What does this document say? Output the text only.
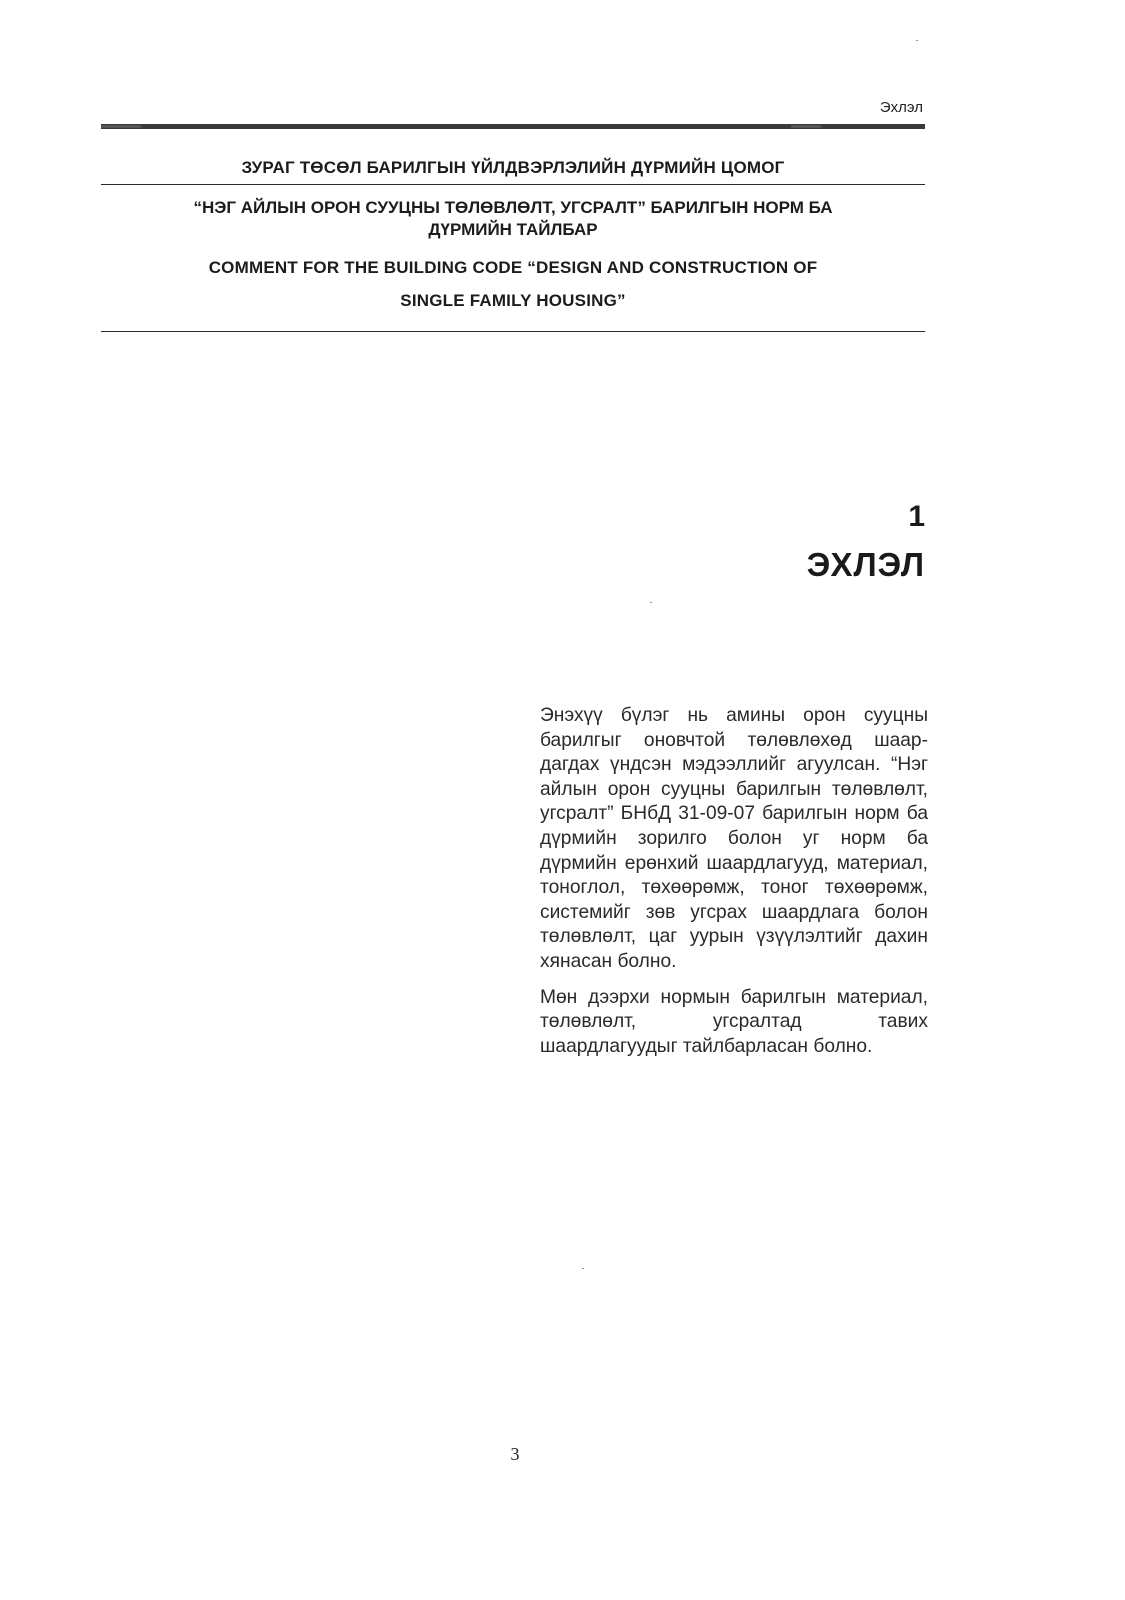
Эхлэл
ЗУРАГ ТӨСӨЛ БАРИЛГЫН ҮЙЛДВЭРЛЭЛИЙН ДҮРМИЙН ЦОМОГ
“НЭГ АЙЛЫН ОРОН СУУЦНЫ ТӨЛӨВЛӨЛТ, УГСРАЛТ” БАРИЛГЫН НОРМ БА
ДҮРМИЙН ТАЙЛБАР
COMMENT FOR THE BUILDING CODE “DESIGN AND CONSTRUCTION OF
SINGLE FAMILY HOUSING”
1
ЭХЛЭЛ

Энэхүү бүлэг нь амины орон сууцны барилгыг оновчтой төлөвлөхөд шаар-дагдах үндсэн мэдээллийг агуулсан. “Нэг айлын орон сууцны барилгын төлөвлөлт, угсралт” БНбД 31-09-07 барилгын норм ба дүрмийн зорилго болон уг норм ба дүрмийн ерөнхий шаардлагууд, материал, тоноглол, төхөөрөмж, тоног төхөөрөмж, системийг зөв угсрах шаардлага болон төлөвлөлт, цаг уурын үзүүлэлтийг дахин хянасан болно.

Мөн дээрхи нормын барилгын материал, төлөвлөлт, угсралтад тавих шаардлагуудыг тайлбарласан болно.

3
